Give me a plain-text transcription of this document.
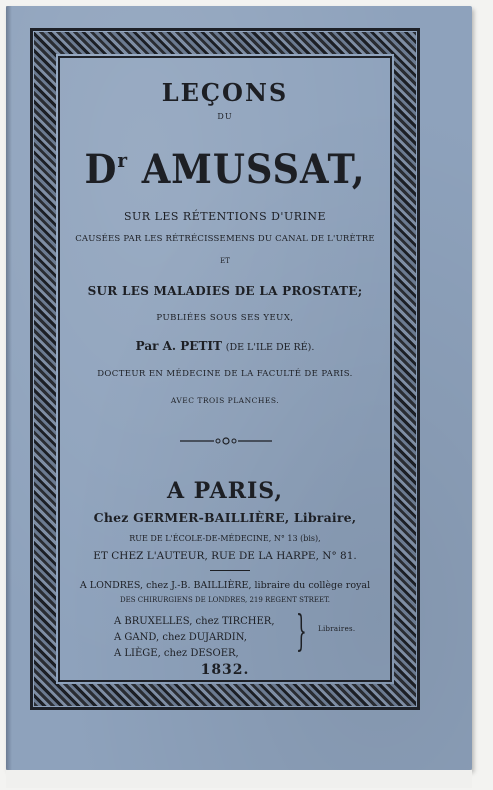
LEÇONS
DU
$D^r$ AMUSSAT,
SUR LES RÉTENTIONS D'URINE
CAUSÉES PAR LES RÉTRÉCISSEMENS DU CANAL DE L'URÈTRE
ET
SUR LES MALADIES DE LA PROSTATE;
PUBLIÉES SOUS SES YEUX,
Par A. PETIT (DE L'ILE DE RÉ).
DOCTEUR EN MÉDECINE DE LA FACULTÉ DE PARIS.
AVEC TROIS PLANCHES.
A PARIS,
Chez GERMER-BAILLIÈRE, Libraire,
RUE DE L'ÉCOLE-DE-MÉDECINE, N° 13 (bis),
ET CHEZ L'AUTEUR, RUE DE LA HARPE, N° 81.
A LONDRES, chez J.-B. BAILLIÈRE, libraire du collège royal
DES CHIRURGIENS DE LONDRES, 219 REGENT STREET.
A BRUXELLES, chez TIRCHER,
A GAND, chez DUJARDIN,
A LIÈGE, chez DESOER,	} Libraires.
1832.
